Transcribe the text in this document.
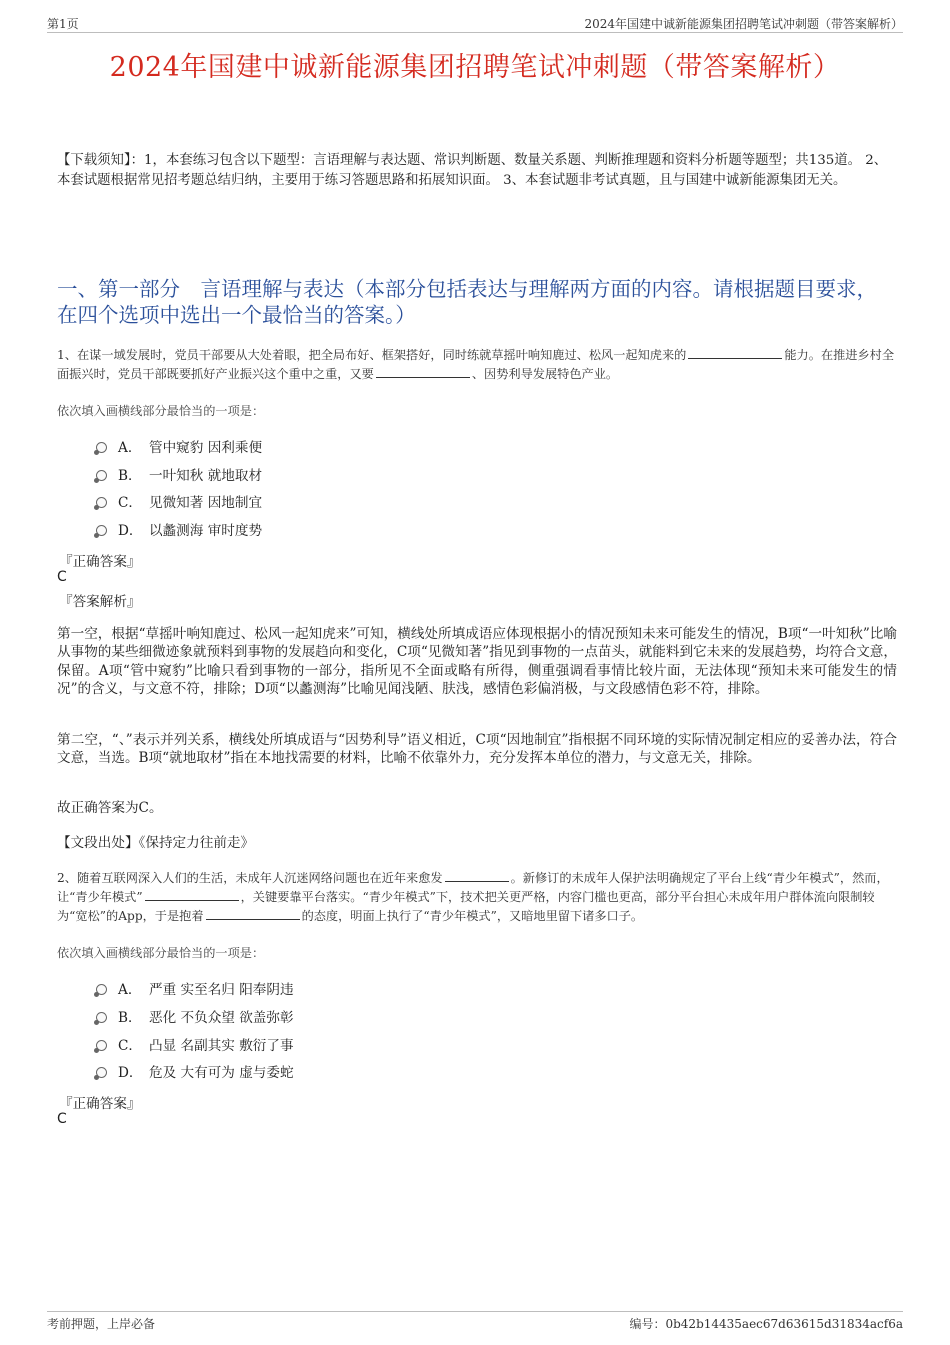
第1页	2024年国建中诚新能源集团招聘笔试冲刺题（带答案解析）
2024年国建中诚新能源集团招聘笔试冲刺题（带答案解析）
【下载须知】：1，本套练习包含以下题型：言语理解与表达题、常识判断题、数量关系题、判断推理题和资料分析题等题型；共135道。 2、本套试题根据常见招考题总结归纳，主要用于练习答题思路和拓展知识面。 3、本套试题非考试真题，且与国建中诚新能源集团无关。
一、第一部分　言语理解与表达（本部分包括表达与理解两方面的内容。请根据题目要求，在四个选项中选出一个最恰当的答案。）
1、在谋一域发展时，党员干部要从大处着眼，把全局布好、框架搭好，同时练就草摇叶响知鹿过、松风一起知虎来的	能力。在推进乡村全面振兴时，党员干部既要抓好产业振兴这个重中之重，又要	、因势利导发展特色产业。
依次填入画横线部分最恰当的一项是：
A． 管中窥豹 因利乘便
B． 一叶知秋 就地取材
C． 见微知著 因地制宜
D． 以蠡测海 审时度势
『正确答案』
C
『答案解析』
第一空，根据“草摇叶响知鹿过、松风一起知虎来”可知，横线处所填成语应体现根据小的情况预知未来可能发生的情况，B项“一叶知秋”比喻从事物的某些细微迹象就预料到事物的发展趋向和变化，C项“见微知著”指见到事物的一点苗头，就能料到它未来的发展趋势，均符合文意，保留。A项“管中窥豹”比喻只看到事物的一部分，指所见不全面或略有所得，侧重强调看事情比较片面，无法体现“预知未来可能发生的情况”的含义，与文意不符，排除；D项“以蠡测海”比喻见闻浅陋、肤浅，感情色彩偏消极，与文段感情色彩不符，排除。
第二空，“、”表示并列关系，横线处所填成语与“因势利导”语义相近，C项“因地制宜”指根据不同环境的实际情况制定相应的妥善办法，符合文意，当选。B项“就地取材”指在本地找需要的材料，比喻不依靠外力，充分发挥本单位的潜力，与文意无关，排除。
故正确答案为C。
【文段出处】《保持定力往前走》
2、随着互联网深入人们的生活，未成年人沉迷网络问题也在近年来愈发	。新修订的未成年人保护法明确规定了平台上线“青少年模式”，然而，让“青少年模式”	，关键要靠平台落实。“青少年模式”下，技术把关更严格，内容门槛也更高，部分平台担心未成年用户群体流向限制较为“宽松”的App，于是抱着	的态度，明面上执行了“青少年模式”，又暗地里留下诸多口子。
依次填入画横线部分最恰当的一项是：
A． 严重 实至名归 阳奉阴违
B． 恶化 不负众望 欲盖弥彰
C． 凸显 名副其实 敷衍了事
D． 危及 大有可为 虚与委蛇
『正确答案』
C
考前押题，上岸必备	编号：0b42b14435aec67d63615d31834acf6a
